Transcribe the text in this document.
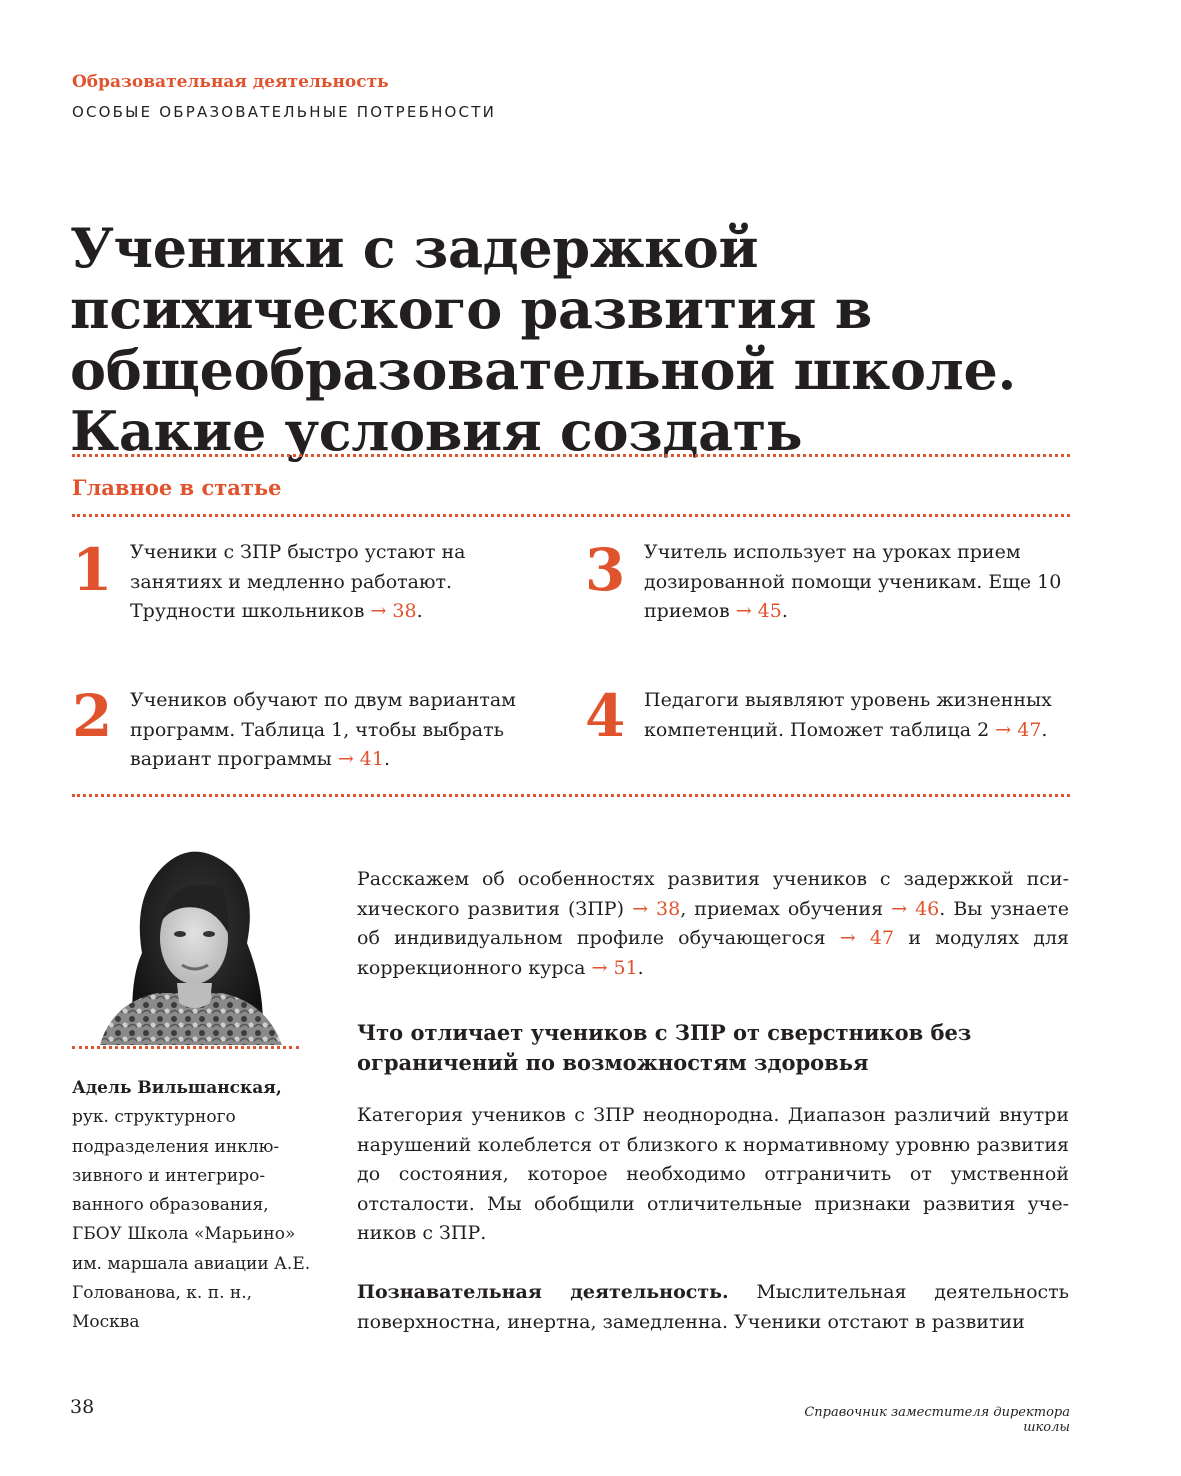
Образовательная деятельность
ОСОБЫЕ ОБРАЗОВАТЕЛЬНЫЕ ПОТРЕБНОСТИ
Ученики с задержкой психического развития в общеобразовательной школе. Какие условия создать
Главное в статье
1 Ученики с ЗПР быстро устают на занятиях и медленно работают. Трудности школьников → 38.
2 Учеников обучают по двум вариантам программ. Таблица 1, чтобы выбрать вариант программы → 41.
3 Учитель использует на уроках прием дозированной помощи ученикам. Еще 10 приемов → 45.
4 Педагоги выявляют уровень жизненных компетенций. Поможет таблица 2 → 47.
Адель Вильшанская,
рук. структурного подразделения инклюзивного и интегрированного образования, ГБОУ Школа «Марьино» им. маршала авиации А.Е. Голованова, к. п. н., Москва
Расскажем об особенностях развития учеников с задержкой психического развития (ЗПР) → 38, приемах обучения → 46. Вы узнаете об индивидуальном профиле обучающегося → 47 и модулях для коррекционного курса → 51.
Что отличает учеников с ЗПР от сверстников без ограничений по возможностям здоровья
Категория учеников с ЗПР неоднородна. Диапазон различий внутри нарушений колеблется от близкого к нормативному уровню развития до состояния, которое необходимо отграничить от умственной отсталости. Мы обобщили отличительные признаки развития учеников с ЗПР.
Познавательная деятельность. Мыслительная деятельность поверхностна, инертна, замедленна. Ученики отстают в развитии
38	Справочник заместителя директора школы
